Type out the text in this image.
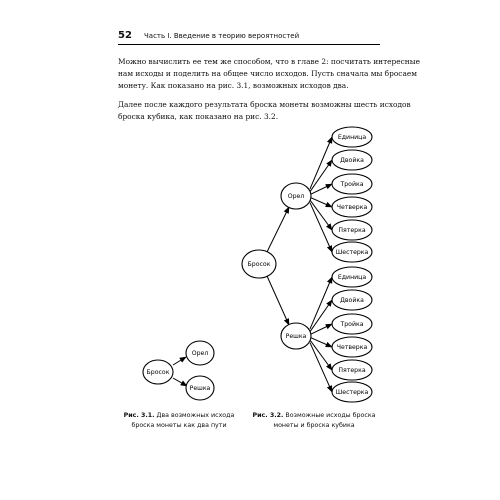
52 Часть I. Введение в теорию вероятностей

Можно вычислить ее тем же способом, что в главе 2: посчитать интересные
нам исходы и поделить на общее число исходов. Пусть сначала мы бросаем
монету. Как показано на рис. 3.1, возможных исходов два.

Далее после каждого результата броска монеты возможны шесть исходов
броска кубика, как показано на рис. 3.2.

Бросок
Орел
Решка
Бросок
Орел
Единица
Двойка
Тройка
Четверка
Пятерка
Шестерка
Решка
Единица
Двойка
Тройка
Четверка
Пятерка
Шестерка
Рис. 3.1. Два возможных исхода
броска монеты как два пути
Рис. 3.2. Возможные исходы броска
монеты и броска кубика
